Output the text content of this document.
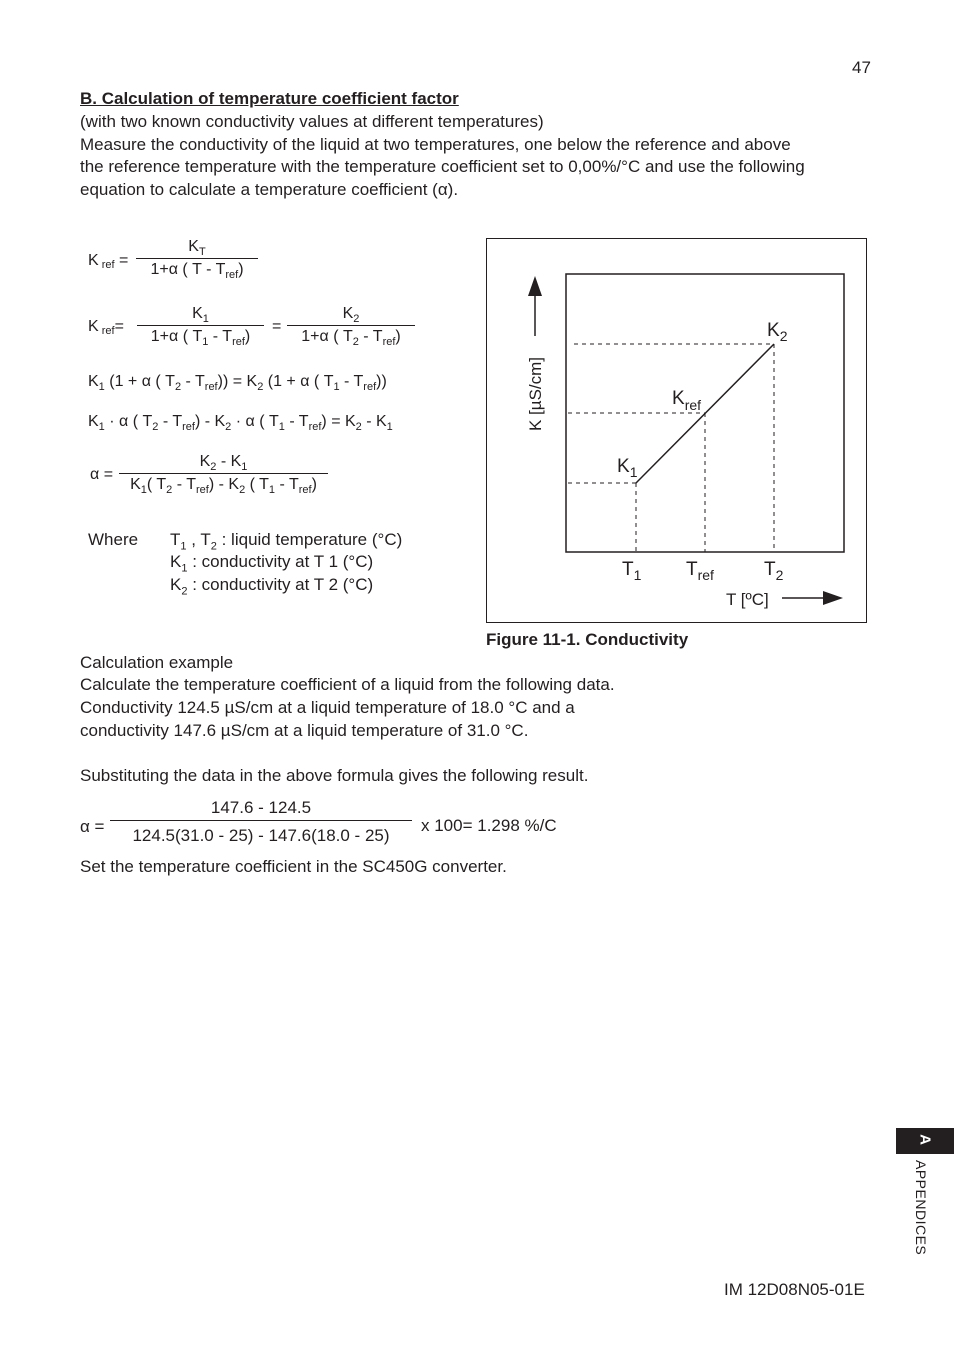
47
B. Calculation of temperature coefficient factor
(with two known conductivity values at different temperatures)
Measure the conductivity of the liquid at two temperatures, one below the reference and above
the reference temperature with the temperature coefficient set to 0,00%/°C and use the following
equation to calculate a temperature coefficient (α).
K ref =
$K_T$
1+α ( T - $T_{ref}$)
K ref=
$K_1$
1+α ( $T_1 - T_{ref}$)
=
$K_2$
1+α ( $T_2 - T_{ref}$)
$K_1$ (1 + α ( $T_2 - T_{ref})) = K_2$ (1 + α ( $T_1 - T_{ref}$))
$K_1 \cdot \alpha$ ( $T_2 - T_{ref}) - K_2 \cdot \alpha$ ( $T_1 - T_{ref}) = K_2 - K_1$
α =
$K_2 - K_1$
$K_1$( $T_2 - T_{ref}) - K_2$ ( $T_1 - T_{ref}$)
Where $T_1$ , $T_2$ : liquid temperature (°C)
$K_1$ : conductivity at T 1 (°C)
$K_2$ : conductivity at T 2 (°C)
$K_2$
$K_{ref}$
$K_1$
$T_1$ $T_{ref}$	$T_2$
T [ºC]
K [µS/cm]
Figure 11-1. Conductivity
Calculation example
Calculate the temperature coefficient of a liquid from the following data.
Conductivity 124.5 µS/cm at a liquid temperature of 18.0 °C and a
conductivity 147.6 µS/cm at a liquid temperature of 31.0 °C.
Substituting the data in the above formula gives the following result.
α =
147.6 - 124.5
124.5(31.0 - 25) - 147.6(18.0 - 25)
x 100= 1.298 %/C
Set the temperature coefficient in the SC450G converter.
A
APPENDICES
IM 12D08N05-01E
